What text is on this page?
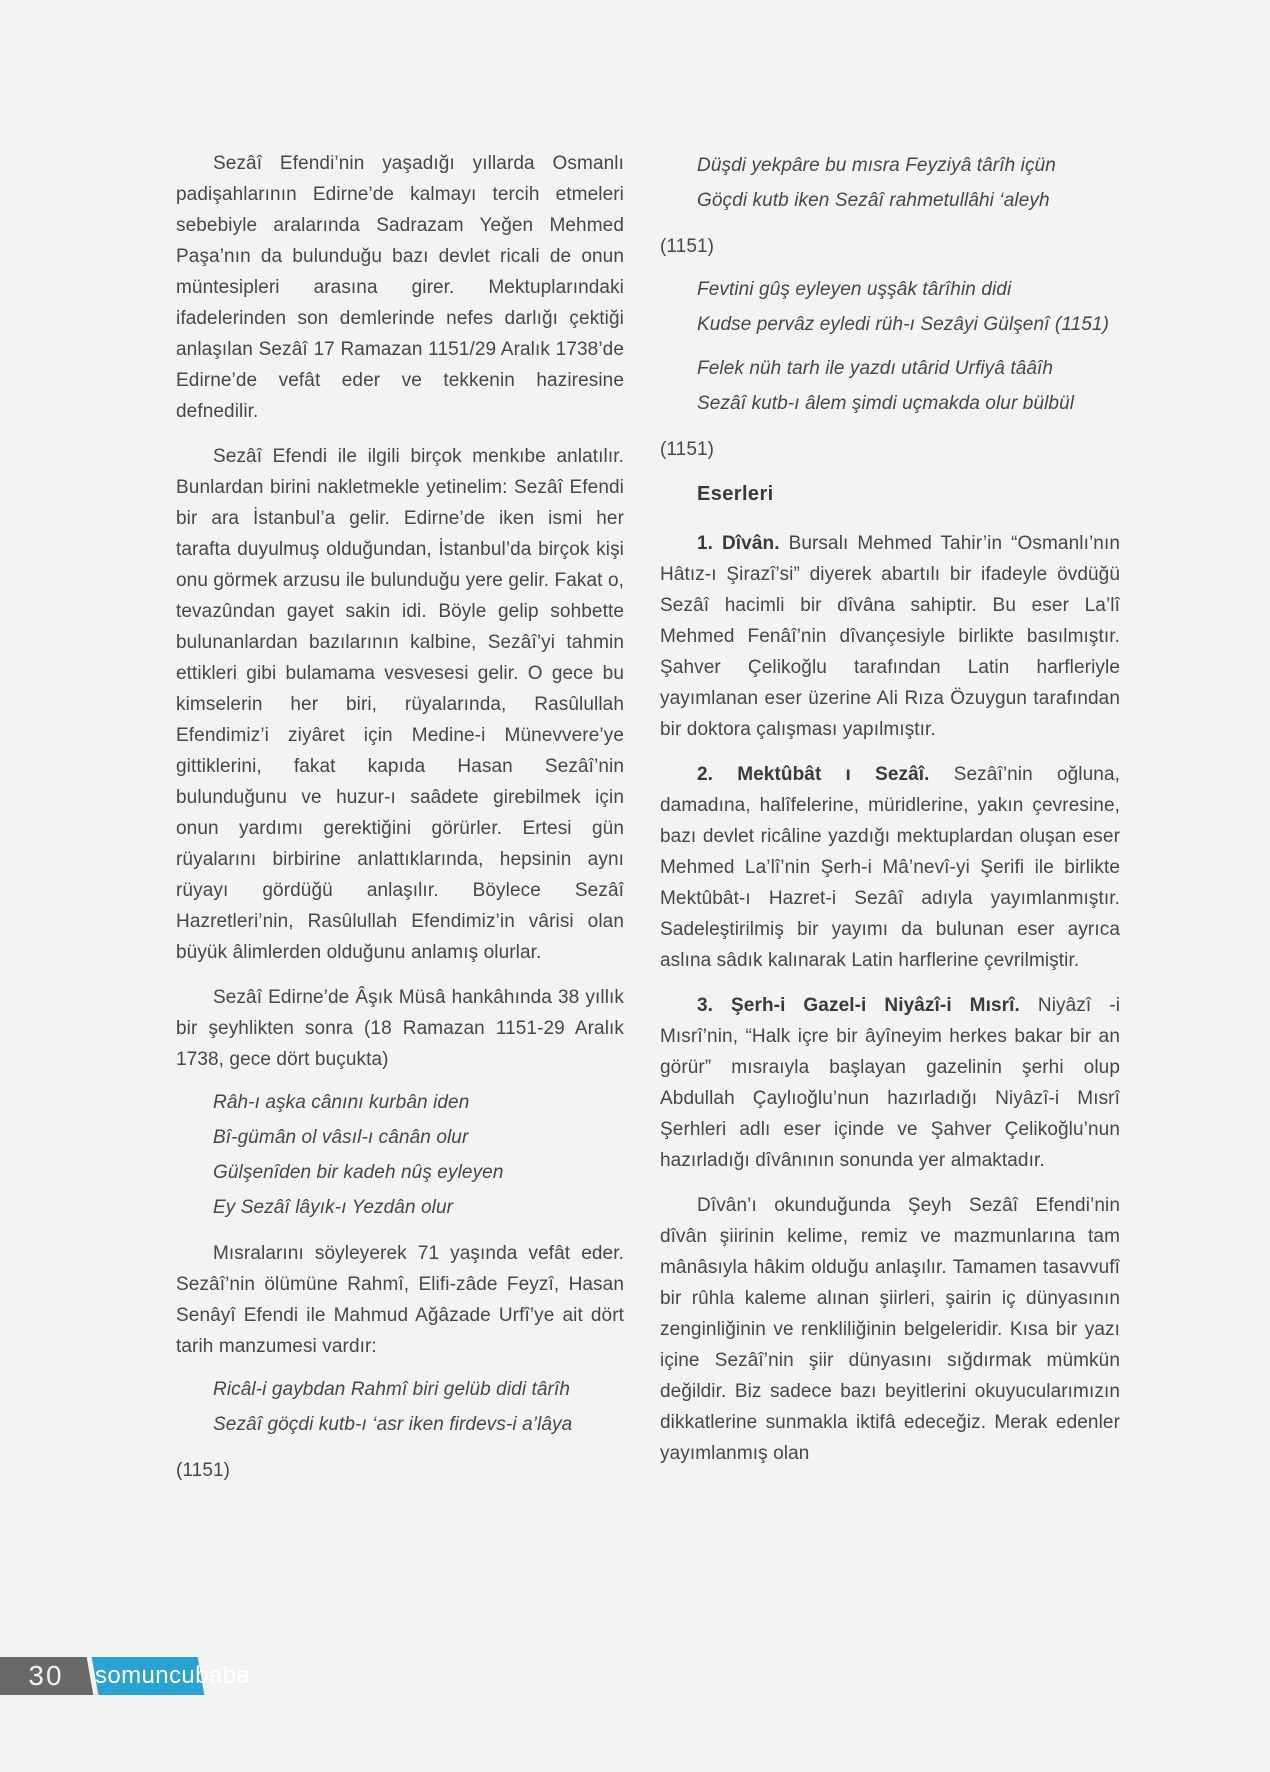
Sezâî Efendi’nin yaşadığı yıllarda Osmanlı padişahlarının Edirne’de kalmayı tercih etmeleri sebebiyle aralarında Sadrazam Yeğen Mehmed Paşa’nın da bulunduğu bazı devlet ricali de onun müntesipleri arasına girer. Mektuplarındaki ifadelerinden son demlerinde nefes darlığı çektiği anlaşılan Sezâî 17 Ramazan 1151/29 Aralık 1738’de Edirne’de vefât eder ve tekkenin haziresine defnedilir.

Sezâî Efendi ile ilgili birçok menkıbe anlatılır. Bunlardan birini nakletmekle yetinelim: Sezâî Efendi bir ara İstanbul’a gelir. Edirne’de iken ismi her tarafta duyulmuş olduğundan, İstanbul’da birçok kişi onu görmek arzusu ile bulunduğu yere gelir. Fakat o, tevazûndan gayet sakin idi. Böyle gelip sohbette bulunanlardan bazılarının kalbine, Sezâî’yi tahmin ettikleri gibi bulamama vesvesesi gelir. O gece bu kimselerin her biri, rüyalarında, Rasûlullah Efendimiz’i ziyâret için Medine-i Münevvere’ye gittiklerini, fakat kapıda Hasan Sezâî’nin bulunduğunu ve huzur-ı saâdete girebilmek için onun yardımı gerektiğini görürler. Ertesi gün rüyalarını birbirine anlattıklarında, hepsinin aynı rüyayı gördüğü anlaşılır. Böylece Sezâî Hazretleri’nin, Rasûlullah Efendimiz’in vârisi olan büyük âlimlerden olduğunu anlamış olurlar.

Sezâî Edirne’de Âşık Müsâ hankâhında 38 yıllık bir şeyhlikten sonra (18 Ramazan 1151-29 Aralık 1738, gece dört buçukta)

Râh-ı aşka cânını kurbân iden

Bî-gümân ol vâsıl-ı cânân olur

Gülşenîden bir kadeh nûş eyleyen

Ey Sezâî lâyık-ı Yezdân olur

Mısralarını söyleyerek 71 yaşında vefât eder. Sezâî’nin ölümüne Rahmî, Elifi-zâde Feyzî, Hasan Senâyî Efendi ile Mahmud Ağâzade Urfî’ye ait dört tarih manzumesi vardır:

Ricâl-i gaybdan Rahmî biri gelüb didi târîh

Sezâî göçdi kutb-ı ‘asr iken firdevs-i a’lâya

(1151)

Düşdi yekpâre bu mısra Feyziyâ târîh içün

Göçdi kutb iken Sezâî rahmetullâhi ‘aleyh

(1151)

Fevtini gûş eyleyen uşşâk târîhin didi

Kudse pervâz eyledi rüh-ı Sezâyi Gülşenî (1151)

Felek nüh tarh ile yazdı utârid Urfiyâ tââîh

Sezâî kutb-ı âlem şimdi uçmakda olur bülbül

(1151)

Eserleri

1. Dîvân. Bursalı Mehmed Tahir’in “Osmanlı’nın Hâtız-ı Şirazî’si” diyerek abartılı bir ifadeyle övdüğü Sezâî hacimli bir dîvâna sahiptir. Bu eser La’lî Mehmed Fenâî’nin dîvançesiyle birlikte basılmıştır. Şahver Çelikoğlu tarafından Latin harfleriyle yayımlanan eser üzerine Ali Rıza Özuygun tarafından bir doktora çalışması yapılmıştır.

2. Mektûbât ı Sezâî. Sezâî’nin oğluna, damadına, halîfelerine, müridlerine, yakın çevresine, bazı devlet ricâline yazdığı mektuplardan oluşan eser Mehmed La’lî’nin Şerh-i Mâ’nevî-yi Şerifi ile birlikte Mektûbât-ı Hazret-i Sezâî adıyla yayımlanmıştır. Sadeleştirilmiş bir yayımı da bulunan eser ayrıca aslına sâdık kalınarak Latin harflerine çevrilmiştir.

3. Şerh-i Gazel-i Niyâzî-i Mısrî. Niyâzî -i Mısrî’nin, “Halk içre bir âyîneyim herkes bakar bir an görür” mısraıyla başlayan gazelinin şerhi olup Abdullah Çaylıoğlu’nun hazırladığı Niyâzî-i Mısrî Şerhleri adlı eser içinde ve Şahver Çelikoğlu’nun hazırladığı dîvânının sonunda yer almaktadır.

Dîvân’ı okunduğunda Şeyh Sezâî Efendi’nin dîvân şiirinin kelime, remiz ve mazmunlarına tam mânâsıyla hâkim olduğu anlaşılır. Tamamen tasavvufî bir rûhla kaleme alınan şiirleri, şairin iç dünyasının zenginliğinin ve renkliliğinin belgeleridir. Kısa bir yazı içine Sezâî’nin şiir dünyasını sığdırmak mümkün değildir. Biz sadece bazı beyitlerini okuyucularımızın dikkatlerine sunmakla iktifâ edeceğiz. Merak edenler yayımlanmış olan

30	somuncubaba
